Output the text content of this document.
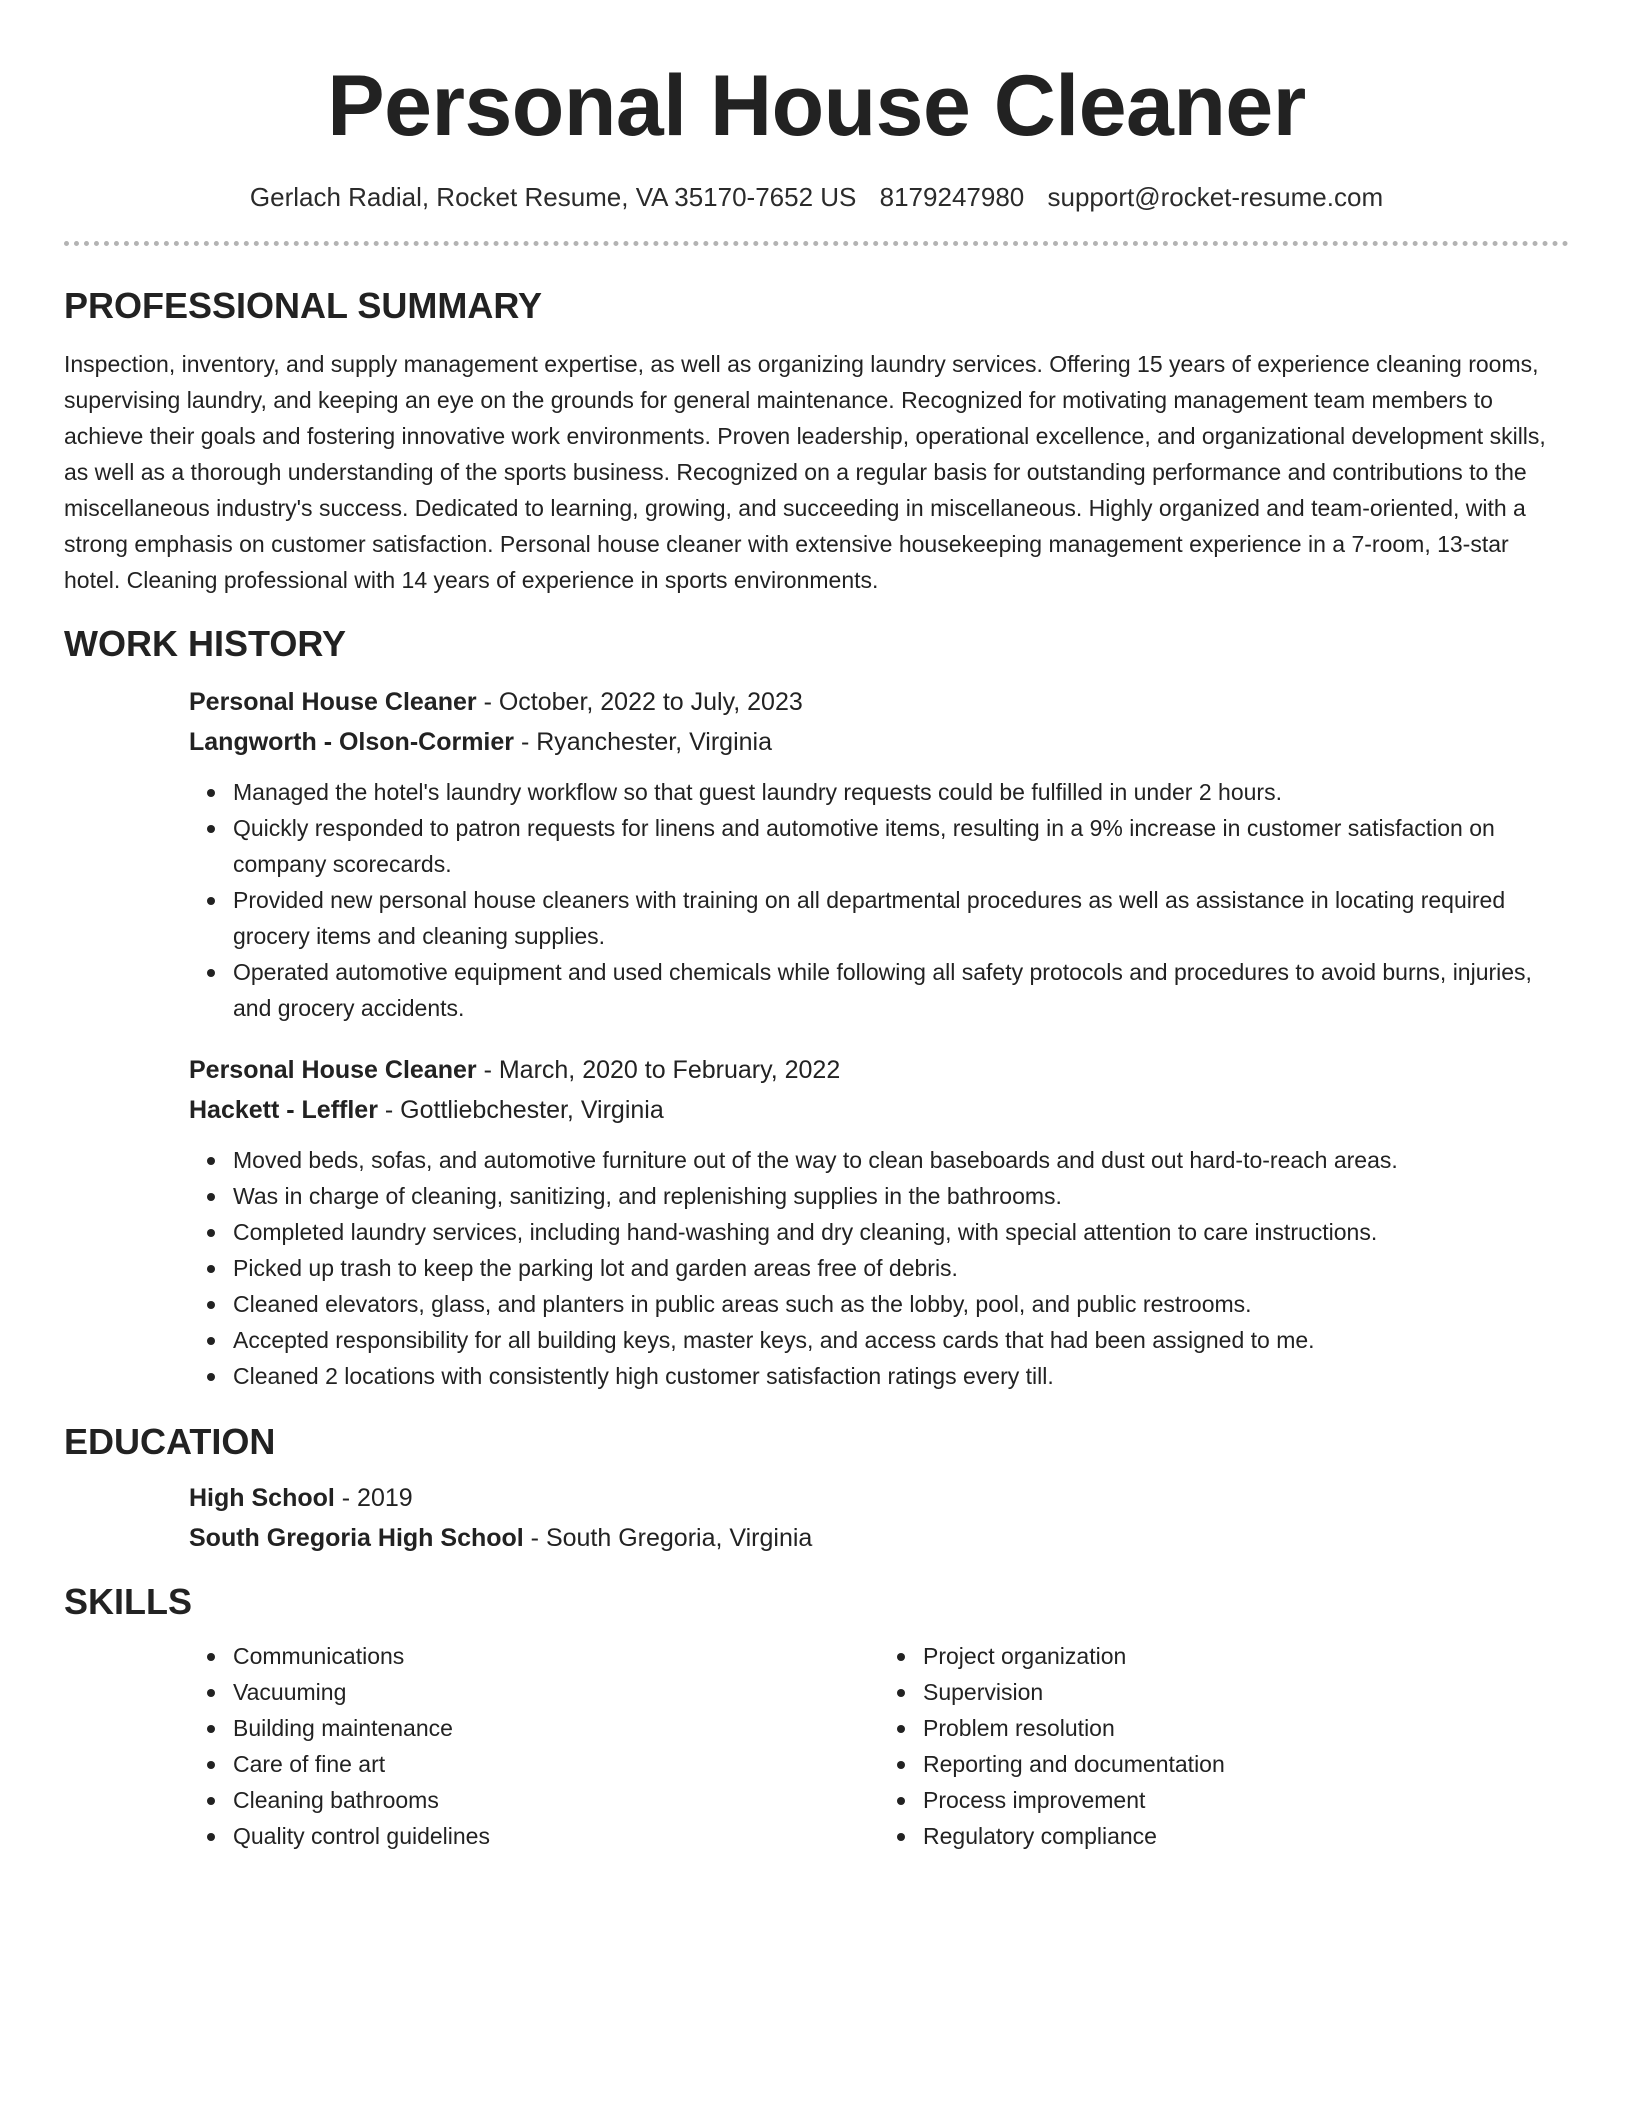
Personal House Cleaner
Gerlach Radial, Rocket Resume, VA 35170-7652 US 8179247980 support@rocket-resume.com
PROFESSIONAL SUMMARY

Inspection, inventory, and supply management expertise, as well as organizing laundry services. Offering 15 years of experience cleaning rooms, supervising laundry, and keeping an eye on the grounds for general maintenance. Recognized for motivating management team members to achieve their goals and fostering innovative work environments. Proven leadership, operational excellence, and organizational development skills, as well as a thorough understanding of the sports business. Recognized on a regular basis for outstanding performance and contributions to the miscellaneous industry's success. Dedicated to learning, growing, and succeeding in miscellaneous. Highly organized and team-oriented, with a strong emphasis on customer satisfaction. Personal house cleaner with extensive housekeeping management experience in a 7-room, 13-star hotel. Cleaning professional with 14 years of experience in sports environments.

WORK HISTORY
Personal House Cleaner - October, 2022 to July, 2023
Langworth - Olson-Cormier - Ryanchester, Virginia
Managed the hotel's laundry workflow so that guest laundry requests could be fulfilled in under 2 hours.
Quickly responded to patron requests for linens and automotive items, resulting in a 9% increase in customer satisfaction on company scorecards.
Provided new personal house cleaners with training on all departmental procedures as well as assistance in locating required grocery items and cleaning supplies.
Operated automotive equipment and used chemicals while following all safety protocols and procedures to avoid burns, injuries, and grocery accidents.
Personal House Cleaner - March, 2020 to February, 2022
Hackett - Leffler - Gottliebchester, Virginia
Moved beds, sofas, and automotive furniture out of the way to clean baseboards and dust out hard-to-reach areas.
Was in charge of cleaning, sanitizing, and replenishing supplies in the bathrooms.
Completed laundry services, including hand-washing and dry cleaning, with special attention to care instructions.
Picked up trash to keep the parking lot and garden areas free of debris.
Cleaned elevators, glass, and planters in public areas such as the lobby, pool, and public restrooms.
Accepted responsibility for all building keys, master keys, and access cards that had been assigned to me.
Cleaned 2 locations with consistently high customer satisfaction ratings every till.
EDUCATION
High School - 2019
South Gregoria High School - South Gregoria, Virginia
SKILLS
Communications
Vacuuming
Building maintenance
Care of fine art
Cleaning bathrooms
Quality control guidelines
Project organization
Supervision
Problem resolution
Reporting and documentation
Process improvement
Regulatory compliance
